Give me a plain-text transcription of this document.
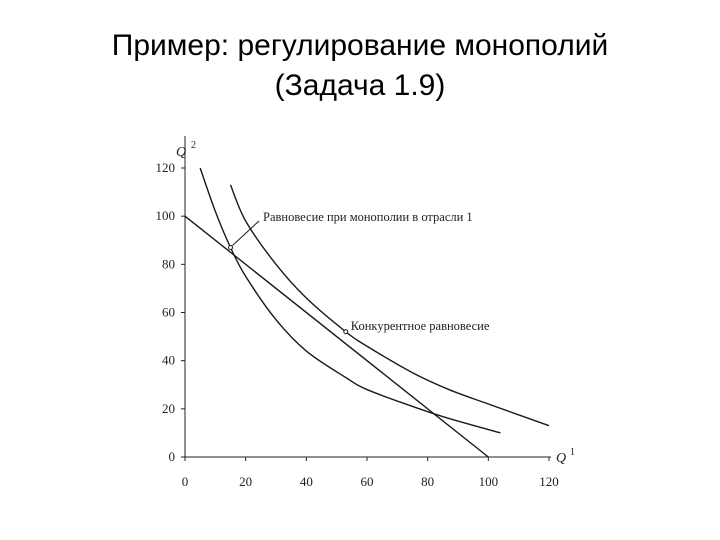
Пример: регулирование монополий
(Задача 1.9)
0
20
40
60
80
100
120
0	20	40	60	80	100	120
Q 2
Q 1
Равновесие при монополии в отрасли 1
Конкурентное равновесие
